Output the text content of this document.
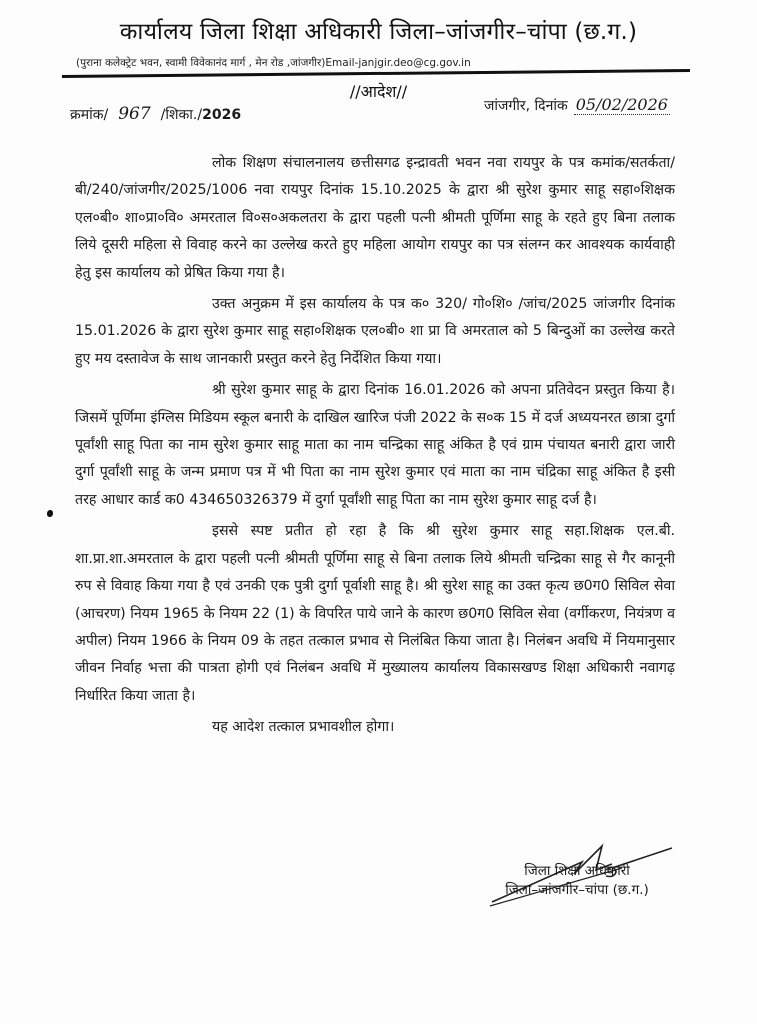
कार्यालय जिला शिक्षा अधिकारी जिला–जांजगीर–चांपा (छ.ग.)
(पुराना कलेक्ट्रेट भवन, स्वामी विवेकानंद मार्ग , मेन रोड ,जांजगीर)Email-janjgir.deo@cg.gov.in
//आदेश//
क्रमांक/ 967 /शिका./2026
जांजगीर, दिनांक 05/02/2026

लोक शिक्षण संचालनालय छत्तीसगढ इन्द्रावती भवन नवा रायपुर के पत्र कमांक/सतर्कता/बी/240/जांजगीर/2025/1006 नवा रायपुर दिनांक 15.10.2025 के द्वारा श्री सुरेश कुमार साहू सहा०शिक्षक एल०बी० शा०प्रा०वि० अमरताल वि०स०अकलतरा के द्वारा पहली पत्नी श्रीमती पूर्णिमा साहू के रहते हुए बिना तलाक लिये दूसरी महिला से विवाह करने का उल्लेख करते हुए महिला आयोग रायपुर का पत्र संलग्न कर आवश्यक कार्यवाही हेतु इस कार्यालय को प्रेषित किया गया है।

उक्त अनुक्रम में इस कार्यालय के पत्र क० 320/ गो०शि० /जांच/2025 जांजगीर दिनांक 15.01.2026 के द्वारा सुरेश कुमार साहू सहा०शिक्षक एल०बी० शा प्रा वि अमरताल को 5 बिन्दुओं का उल्लेख करते हुए मय दस्तावेज के साथ जानकारी प्रस्तुत करने हेतु निर्देशित किया गया।

श्री सुरेश कुमार साहू के द्वारा दिनांक 16.01.2026 को अपना प्रतिवेदन प्रस्तुत किया है। जिसमें पूर्णिमा इंग्लिस मिडियम स्कूल बनारी के दाखिल खारिज पंजी 2022 के स०क 15 में दर्ज अध्ययनरत छात्रा दुर्गा पूर्वांशी साहू पिता का नाम सुरेश कुमार साहू माता का नाम चन्द्रिका साहू अंकित है एवं ग्राम पंचायत बनारी द्वारा जारी दुर्गा पूर्वांशी साहू के जन्म प्रमाण पत्र में भी पिता का नाम सुरेश कुमार एवं माता का नाम चंद्रिका साहू अंकित है इसी तरह आधार कार्ड क0 434650326379 में दुर्गा पूर्वांशी साहू पिता का नाम सुरेश कुमार साहू दर्ज है।

इससे स्पष्ट प्रतीत हो रहा है कि श्री सुरेश कुमार साहू सहा.शिक्षक एल.बी. शा.प्रा.शा.अमरताल के द्वारा पहली पत्नी श्रीमती पूर्णिमा साहू से बिना तलाक लिये श्रीमती चन्द्रिका साहू से गैर कानूनी रुप से विवाह किया गया है एवं उनकी एक पुत्री दुर्गा पूर्वाशी साहू है। श्री सुरेश साहू का उक्त कृत्य छ0ग0 सिविल सेवा (आचरण) नियम 1965 के नियम 22 (1) के विपरित पाये जाने के कारण छ0ग0 सिविल सेवा (वर्गीकरण, नियंत्रण व अपील) नियम 1966 के नियम 09 के तहत तत्काल प्रभाव से निलंबित किया जाता है। निलंबन अवधि में नियमानुसार जीवन निर्वाह भत्ता की पात्रता होगी एवं निलंबन अवधि में मुख्यालय कार्यालय विकासखण्ड शिक्षा अधिकारी नवागढ़ निर्धारित किया जाता है।

यह आदेश तत्काल प्रभावशील होगा।

जिला शिक्षा अधिकारी
जिला–जांजगीर–चांपा (छ.ग.)
